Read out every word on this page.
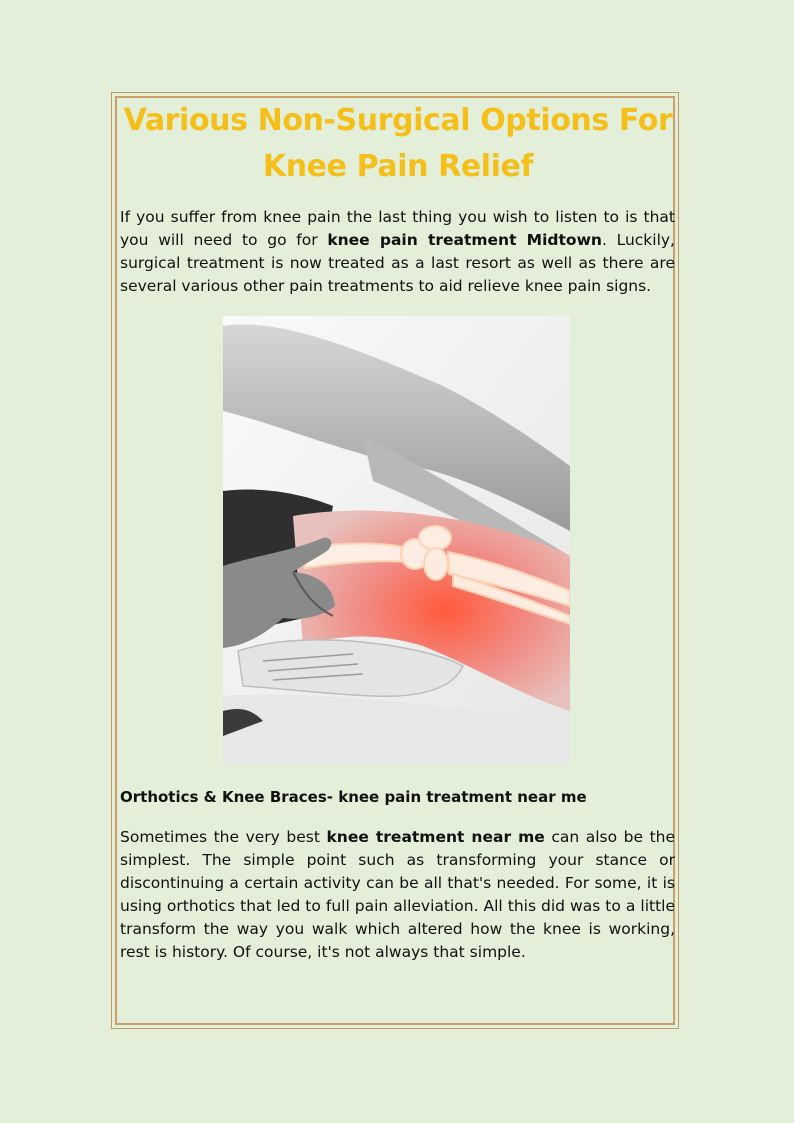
Various Non-Surgical Options For Knee Pain Relief

If you suffer from knee pain the last thing you wish to listen to is that you will need to go for knee pain treatment Midtown. Luckily, surgical treatment is now treated as a last resort as well as there are several various other pain treatments to aid relieve knee pain signs.

Orthotics & Knee Braces- knee pain treatment near me

Sometimes the very best knee treatment near me can also be the simplest. The simple point such as transforming your stance or discontinuing a certain activity can be all that's needed. For some, it is using orthotics that led to full pain alleviation. All this did was to a little transform the way you walk which altered how the knee is working, rest is history. Of course, it's not always that simple.
